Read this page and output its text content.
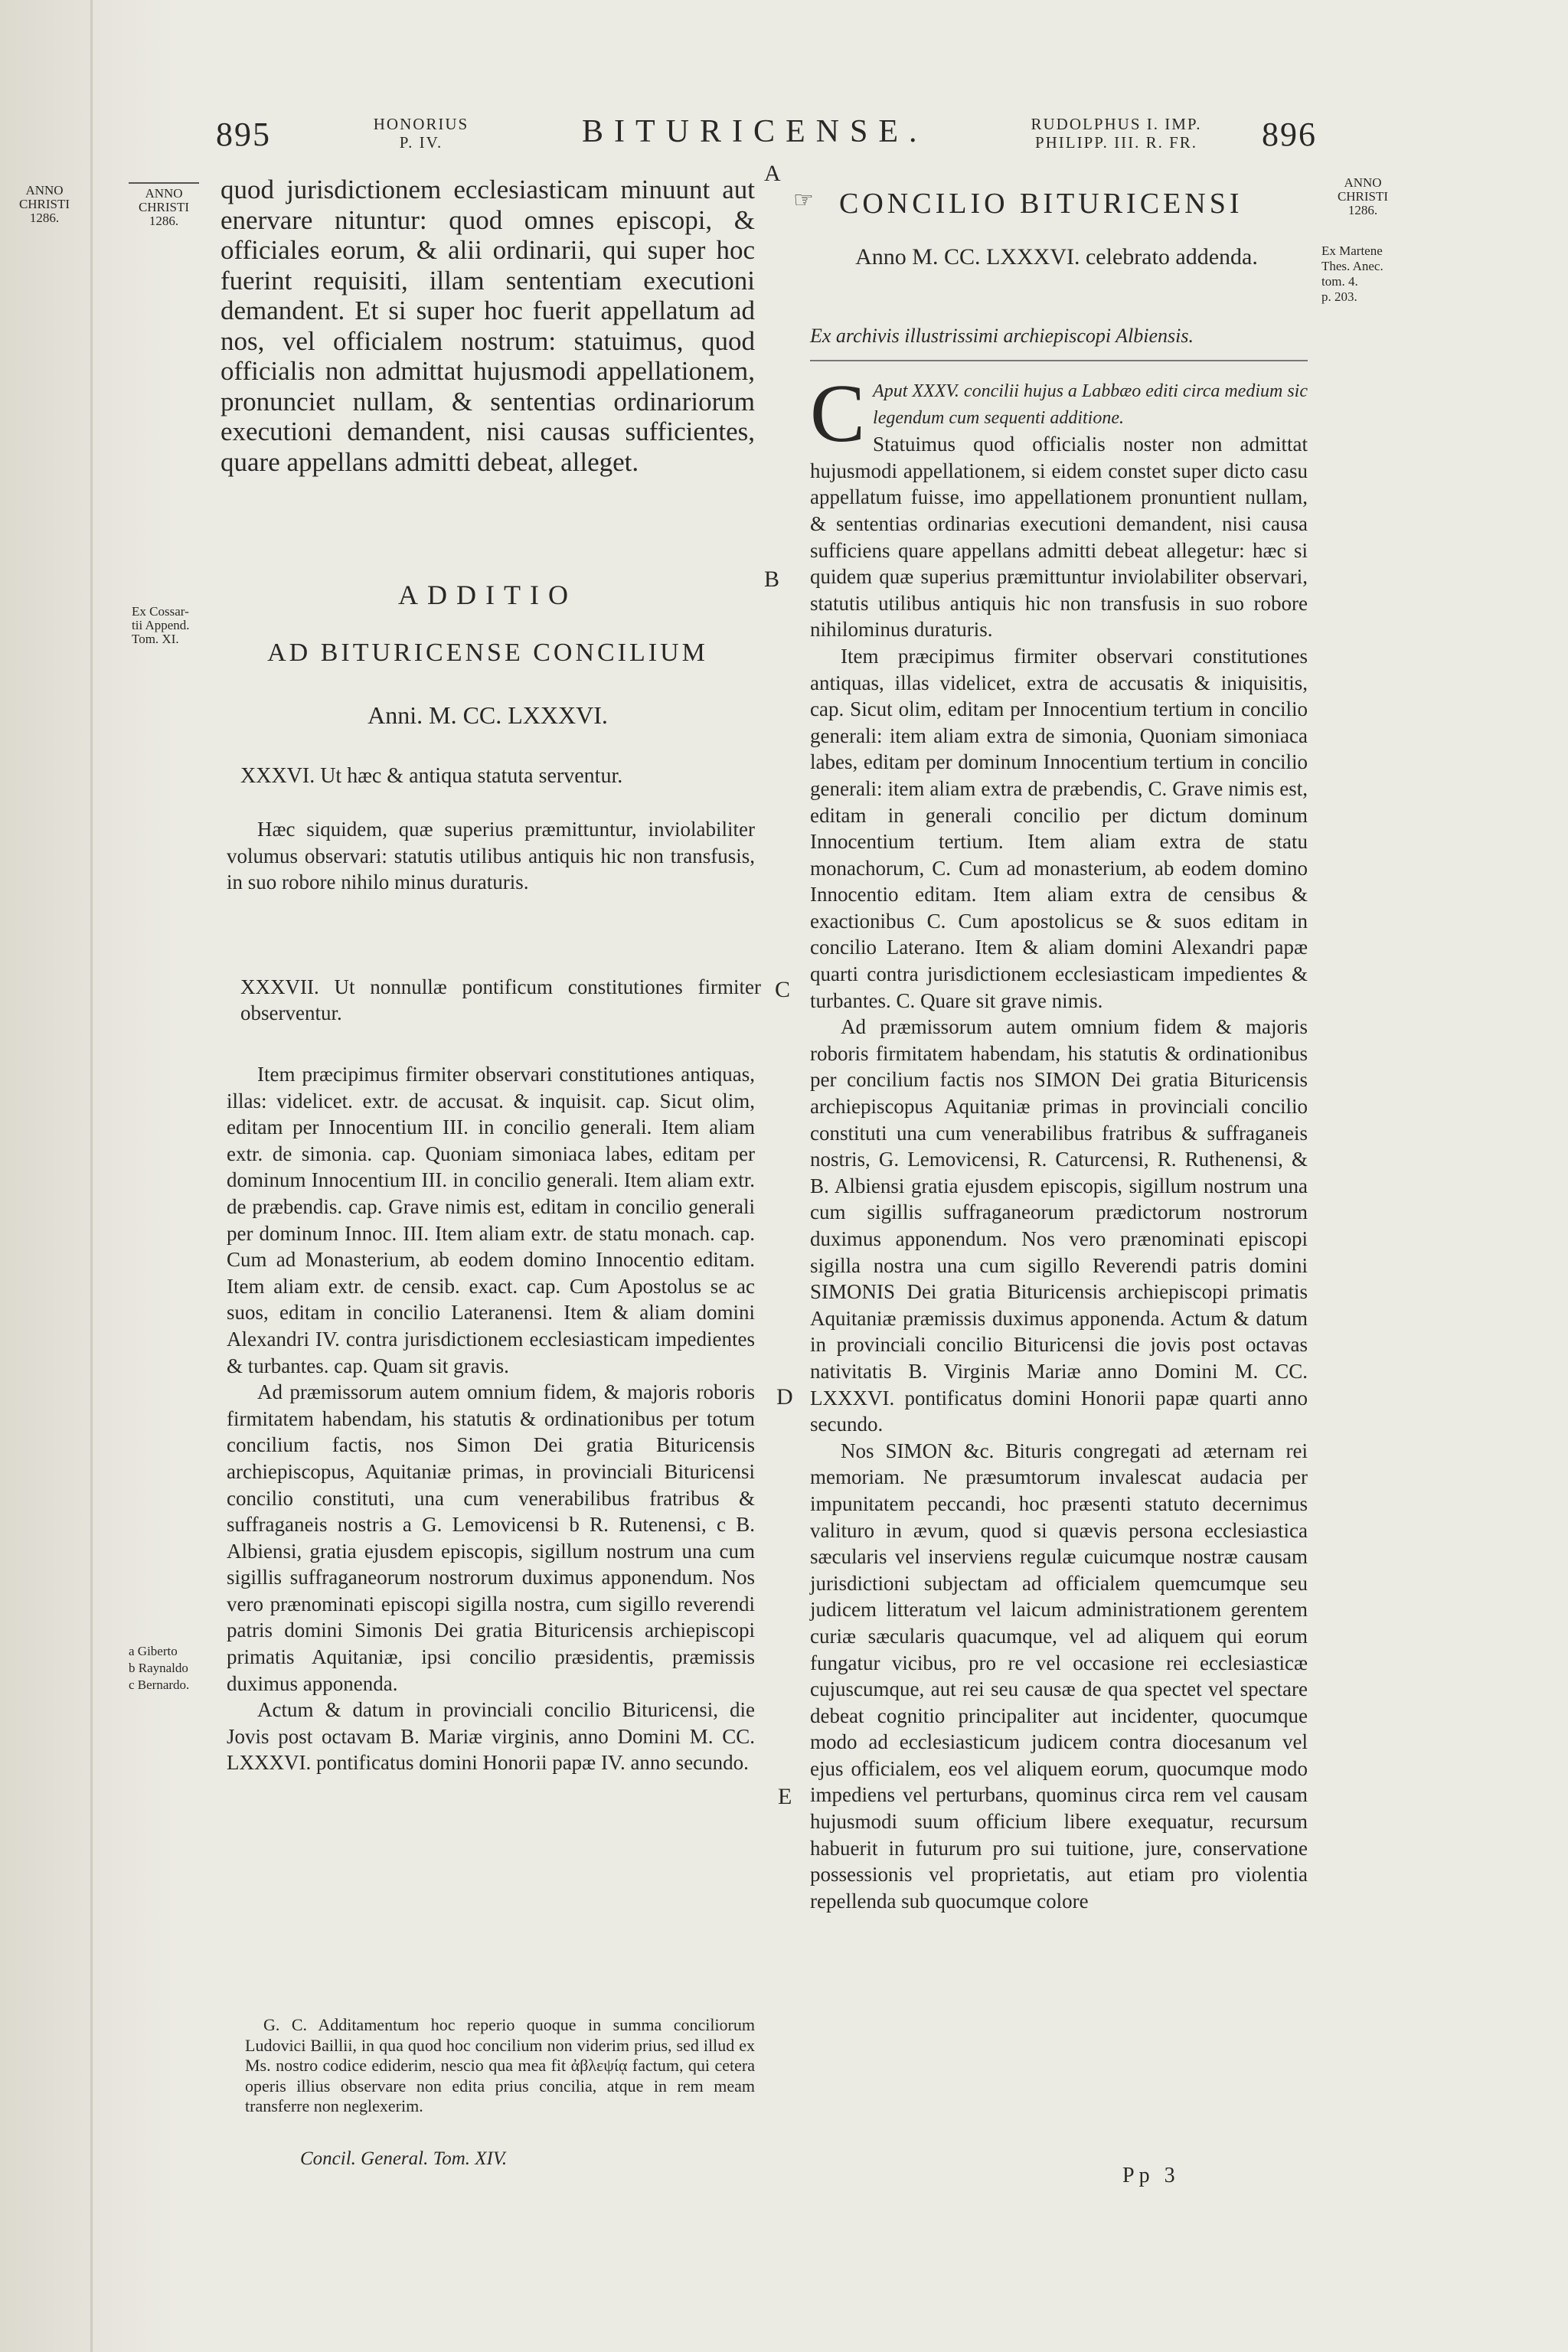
ANNO
CHRISTI
1286.
895	HONORIUS
P. IV.	BITURICENSE.	RUDOLPHUS I. IMP.
PHILIPP. III. R. FR.	896
ANNO
CHRISTI
1286.

quod jurisdictionem ecclesiasticam minuunt aut enervare nituntur: quod omnes episcopi, & officiales eorum, & alii ordinarii, qui super hoc fuerint requisiti, illam sententiam executioni demandent. Et si super hoc fuerit appellatum ad nos, vel officialem nostrum: statuimus, quod officialis non admittat hujusmodi appellationem, pronunciet nullam, & sententias ordinariorum executioni demandent, nisi causas sufficientes, quare appellans admitti debeat, alleget.

Ex Cossar-
tii Append.
Tom. XI.
ADDITIO
AD BITURICENSE CONCILIUM
Anni. M. CC. LXXXVI.

XXXVI. Ut hæc & antiqua statuta serventur.

Hæc siquidem, quæ superius præmittuntur, inviolabiliter volumus observari: statutis utilibus antiquis hic non transfusis, in suo robore nihilo minus duraturis.

XXXVII. Ut nonnullæ pontificum constitutiones firmiter observentur.

Item præcipimus firmiter observari constitutiones antiquas, illas: videlicet. extr. de accusat. & inquisit. cap. Sicut olim, editam per Innocentium III. in concilio generali. Item aliam extr. de simonia. cap. Quoniam simoniaca labes, editam per dominum Innocentium III. in concilio generali. Item aliam extr. de præbendis. cap. Grave nimis est, editam in concilio generali per dominum Innoc. III. Item aliam extr. de statu monach. cap. Cum ad Monasterium, ab eodem domino Innocentio editam. Item aliam extr. de censib. exact. cap. Cum Apostolus se ac suos, editam in concilio Lateranensi. Item & aliam domini Alexandri IV. contra jurisdictionem ecclesiasticam impedientes & turbantes. cap. Quam sit gravis.

Ad præmissorum autem omnium fidem, & majoris roboris firmitatem habendam, his statutis & ordinationibus per totum concilium factis, nos Simon Dei gratia Bituricensis archiepiscopus, Aquitaniæ primas, in provinciali Bituricensi concilio constituti, una cum venerabilibus fratribus & suffraganeis nostris a G. Lemovicensi b R. Rutenensi, c B. Albiensi, gratia ejusdem episcopis, sigillum nostrum una cum sigillis suffraganeorum nostrorum duximus apponendum. Nos vero prænominati episcopi sigilla nostra, cum sigillo reverendi patris domini Simonis Dei gratia Bituricensis archiepiscopi primatis Aquitaniæ, ipsi concilio præsidentis, præmissis duximus apponenda.

Actum & datum in provinciali concilio Bituricensi, die Jovis post octavam B. Mariæ virginis, anno Domini M. CC. LXXXVI. pontificatus domini Honorii papæ IV. anno secundo.

a Giberto
b Raynaldo
c Bernardo.

G. C. Additamentum hoc reperio quoque in summa conciliorum Ludovici Baillii, in qua quod hoc concilium non viderim prius, sed illud ex Ms. nostro codice ediderim, nescio qua mea fit ἀβλεψίᾳ factum, qui cetera operis illius observare non edita prius concilia, atque in rem meam transferre non neglexerim.

Concil. General. Tom. XIV.

A
B
C
D
E
ANNO
CHRISTI
1286.
Ex Martene
Thes. Anec.
tom. 4.
p. 203.
☞ CONCILIO BITURICENSI

Anno M. CC. LXXXVI. celebrato addenda.

Ex archivis illustrissimi archiepiscopi Albiensis.

C Aput XXXV. concilii hujus a Labbæo editi circa medium sic legendum cum sequenti additione.

Statuimus quod officialis noster non admittat hujusmodi appellationem, si eidem constet super dicto casu appellatum fuisse, imo appellationem pronuntient nullam, & sententias ordinarias executioni demandent, nisi causa sufficiens quare appellans admitti debeat allegetur: hæc si quidem quæ superius præmittuntur inviolabiliter observari, statutis utilibus antiquis hic non transfusis in suo robore nihilominus duraturis.

Item præcipimus firmiter observari constitutiones antiquas, illas videlicet, extra de accusatis & iniquisitis, cap. Sicut olim, editam per Innocentium tertium in concilio generali: item aliam extra de simonia, Quoniam simoniaca labes, editam per dominum Innocentium tertium in concilio generali: item aliam extra de præbendis, C. Grave nimis est, editam in generali concilio per dictum dominum Innocentium tertium. Item aliam extra de statu monachorum, C. Cum ad monasterium, ab eodem domino Innocentio editam. Item aliam extra de censibus & exactionibus C. Cum apostolicus se & suos editam in concilio Laterano. Item & aliam domini Alexandri papæ quarti contra jurisdictionem ecclesiasticam impedientes & turbantes. C. Quare sit grave nimis.

Ad præmissorum autem omnium fidem & majoris roboris firmitatem habendam, his statutis & ordinationibus per concilium factis nos SIMON Dei gratia Bituricensis archiepiscopus Aquitaniæ primas in provinciali concilio constituti una cum venerabilibus fratribus & suffraganeis nostris, G. Lemovicensi, R. Caturcensi, R. Ruthenensi, & B. Albiensi gratia ejusdem episcopis, sigillum nostrum una cum sigillis suffraganeorum prædictorum nostrorum duximus apponendum. Nos vero prænominati episcopi sigilla nostra una cum sigillo Reverendi patris domini SIMONIS Dei gratia Bituricensis archiepiscopi primatis Aquitaniæ præmissis duximus apponenda. Actum & datum in provinciali concilio Bituricensi die jovis post octavas nativitatis B. Virginis Mariæ anno Domini M. CC. LXXXVI. pontificatus domini Honorii papæ quarti anno secundo.

Nos SIMON &c. Bituris congregati ad æternam rei memoriam. Ne præsumtorum invalescat audacia per impunitatem peccandi, hoc præsenti statuto decernimus valituro in ævum, quod si quævis persona ecclesiastica sæcularis vel inserviens regulæ cuicumque nostræ causam jurisdictioni subjectam ad officialem quemcumque seu judicem litteratum vel laicum administrationem gerentem curiæ sæcularis quacumque, vel ad aliquem qui eorum fungatur vicibus, pro re vel occasione rei ecclesiasticæ cujuscumque, aut rei seu causæ de qua spectet vel spectare debeat cognitio principaliter aut incidenter, quocumque modo ad ecclesiasticum judicem contra diocesanum vel ejus officialem, eos vel aliquem eorum, quocumque modo impediens vel perturbans, quominus circa rem vel causam hujusmodi suum officium libere exequatur, recursum habuerit in futurum pro sui tuitione, jure, conservatione possessionis vel proprietatis, aut etiam pro violentia repellenda sub quocumque colore

Pp 3
